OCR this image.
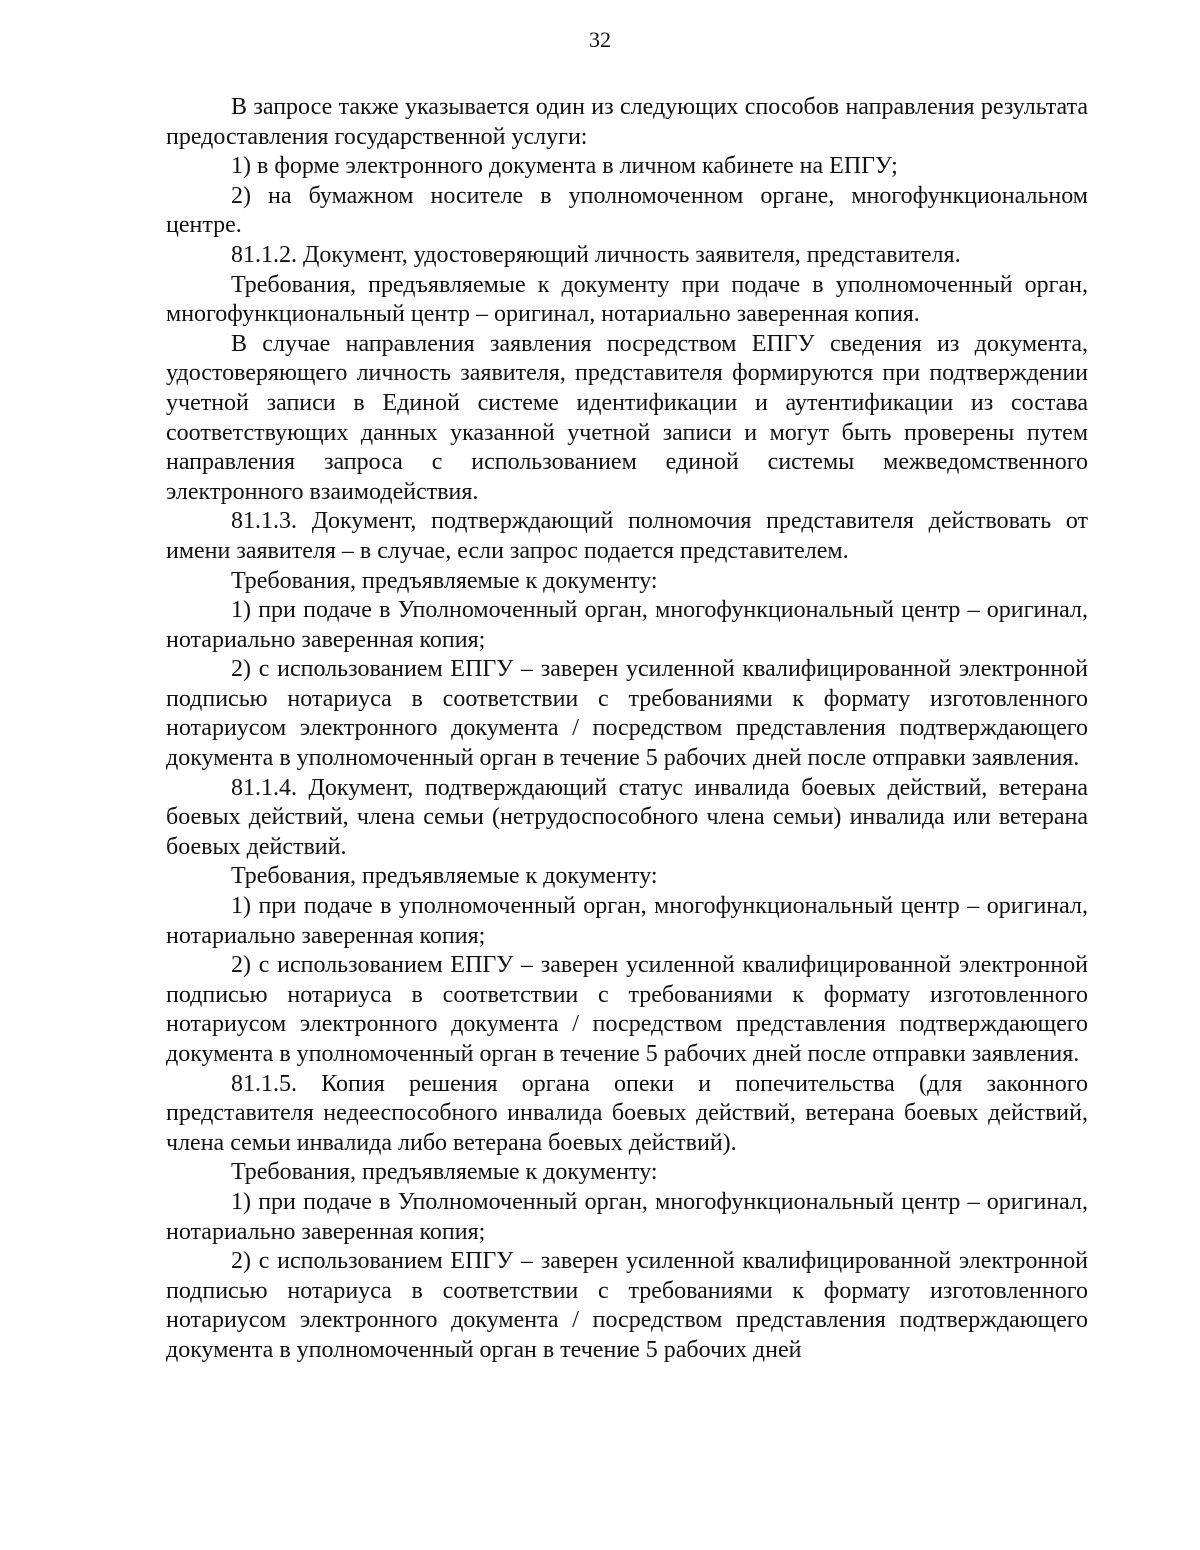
32

В запросе также указывается один из следующих способов направления результата предоставления государственной услуги:

1) в форме электронного документа в личном кабинете на ЕПГУ;

2) на бумажном носителе в уполномоченном органе, многофункциональном центре.

81.1.2. Документ, удостоверяющий личность заявителя, представителя.

Требования, предъявляемые к документу при подаче в уполномоченный орган, многофункциональный центр – оригинал, нотариально заверенная копия.

В случае направления заявления посредством ЕПГУ сведения из документа, удостоверяющего личность заявителя, представителя формируются при подтверждении учетной записи в Единой системе идентификации и аутентификации из состава соответствующих данных указанной учетной записи и могут быть проверены путем направления запроса с использованием единой системы межведомственного электронного взаимодействия.

81.1.3. Документ, подтверждающий полномочия представителя действовать от имени заявителя – в случае, если запрос подается представителем.

Требования, предъявляемые к документу:

1) при подаче в Уполномоченный орган, многофункциональный центр – оригинал, нотариально заверенная копия;

2) с использованием ЕПГУ – заверен усиленной квалифицированной электронной подписью нотариуса в соответствии с требованиями к формату изготовленного нотариусом электронного документа / посредством представления подтверждающего документа в уполномоченный орган в течение 5 рабочих дней после отправки заявления.

81.1.4. Документ, подтверждающий статус инвалида боевых действий, ветерана боевых действий, члена семьи (нетрудоспособного члена семьи) инвалида или ветерана боевых действий.

Требования, предъявляемые к документу:

1) при подаче в уполномоченный орган, многофункциональный центр – оригинал, нотариально заверенная копия;

2) с использованием ЕПГУ – заверен усиленной квалифицированной электронной подписью нотариуса в соответствии с требованиями к формату изготовленного нотариусом электронного документа / посредством представления подтверждающего документа в уполномоченный орган в течение 5 рабочих дней после отправки заявления.

81.1.5. Копия решения органа опеки и попечительства (для законного представителя недееспособного инвалида боевых действий, ветерана боевых действий, члена семьи инвалида либо ветерана боевых действий).

Требования, предъявляемые к документу:

1) при подаче в Уполномоченный орган, многофункциональный центр – оригинал, нотариально заверенная копия;

2) с использованием ЕПГУ – заверен усиленной квалифицированной электронной подписью нотариуса в соответствии с требованиями к формату изготовленного нотариусом электронного документа / посредством представления подтверждающего документа в уполномоченный орган в течение 5 рабочих дней
